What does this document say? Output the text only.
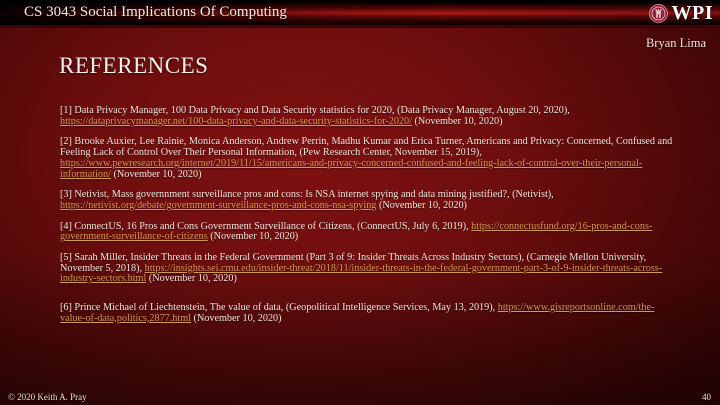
CS 3043 Social Implications Of Computing	WPI
Bryan Lima
REFERENCES

[1] Data Privacy Manager, 100 Data Privacy and Data Security statistics for 2020, (Data Privacy Manager, August 20, 2020), https://dataprivacymanager.net/100-data-privacy-and-data-security-statistics-for-2020/ (November 10, 2020)

[2] Brooke Auxier, Lee Rainie, Monica Anderson, Andrew Perrin, Madhu Kumar and Erica Turner, Americans and Privacy: Concerned, Confused and Feeling Lack of Control Over Their Personal Information, (Pew Research Center, November 15, 2019), https://www.pewresearch.org/internet/2019/11/15/americans-and-privacy-concerned-confused-and-feeling-lack-of-control-over-their-personal-information/ (November 10, 2020)

[3] Netivist, Mass governnment surveillance pros and cons: Is NSA internet spying and data mining justified?, (Netivist), https://netivist.org/debate/government-surveillance-pros-and-cons-nsa-spying (November 10, 2020)

[4] ConnectUS, 16 Pros and Cons Government Surveillance of Citizens, (ConnectUS, July 6, 2019), https://connectusfund.org/16-pros-and-cons-government-surveillance-of-citizens (November 10, 2020)

[5] Sarah Miller, Insider Threats in the Federal Government (Part 3 of 9: Insider Threats Across Industry Sectors), (Carnegie Mellon University, November 5, 2018), https://insights.sei.cmu.edu/insider-threat/2018/11/insider-threats-in-the-federal-government-part-3-of-9-insider-threats-across-industry-sectors.html (November 10, 2020)

[6] Prince Michael of Liechtenstein, The value of data, (Geopolitical Intelligence Services, May 13, 2019), https://www.gisreportsonline.com/the-value-of-data,politics,2877.html (November 10, 2020)

© 2020 Keith A. Pray	40
